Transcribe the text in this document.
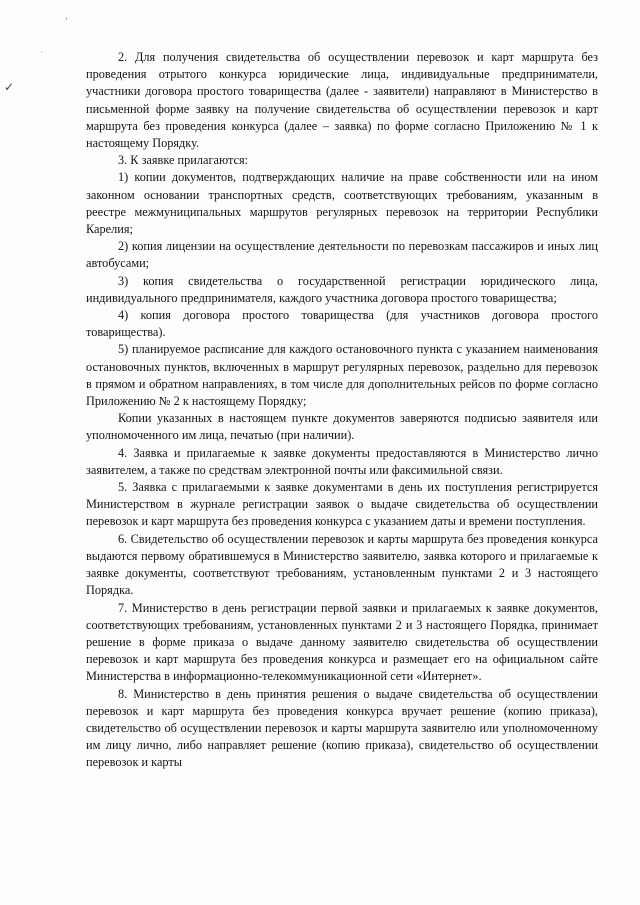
‚
ˏ
✓

2. Для получения свидетельства об осуществлении перевозок и карт маршрута без проведения отрытого конкурса юридические лица, индивидуальные предприниматели, участники договора простого товарищества (далее - заявители) направляют в Министерство в письменной форме заявку на получение свидетельства об осуществлении перевозок и карт маршрута без проведения конкурса (далее – заявка) по форме согласно Приложению № 1 к настоящему Порядку.

3. К заявке прилагаются:

1) копии документов, подтверждающих наличие на праве собственности или на ином законном основании транспортных средств, соответствующих требованиям, указанным в реестре межмуниципальных маршрутов регулярных перевозок на территории Республики Карелия;

2) копия лицензии на осуществление деятельности по перевозкам пассажиров и иных лиц автобусами;

3) копия свидетельства о государственной регистрации юридического лица, индивидуального предпринимателя, каждого участника договора простого товарищества;

4) копия договора простого товарищества (для участников договора простого товарищества).

5) планируемое расписание для каждого остановочного пункта с указанием наименования остановочных пунктов, включенных в маршрут регулярных перевозок, раздельно для перевозок в прямом и обратном направлениях, в том числе для дополнительных рейсов по форме согласно Приложению № 2 к настоящему Порядку;

Копии указанных в настоящем пункте документов заверяются подписью заявителя или уполномоченного им лица, печатью (при наличии).

4. Заявка и прилагаемые к заявке документы предоставляются в Министерство лично заявителем, а также по средствам электронной почты или факсимильной связи.

5. Заявка с прилагаемыми к заявке документами в день их поступления регистрируется Министерством в журнале регистрации заявок о выдаче свидетельства об осуществлении перевозок и карт маршрута без проведения конкурса с указанием даты и времени поступления.

6. Свидетельство об осуществлении перевозок и карты маршрута без проведения конкурса выдаются первому обратившемуся в Министерство заявителю, заявка которого и прилагаемые к заявке документы, соответствуют требованиям, установленным пунктами 2 и 3 настоящего Порядка.

7. Министерство в день регистрации первой заявки и прилагаемых к заявке документов, соответствующих требованиям, установленных пунктами 2 и 3 настоящего Порядка, принимает решение в форме приказа о выдаче данному заявителю свидетельства об осуществлении перевозок и карт маршрута без проведения конкурса и размещает его на официальном сайте Министерства в информационно-телекоммуникационной сети «Интернет».

8. Министерство в день принятия решения о выдаче свидетельства об осуществлении перевозок и карт маршрута без проведения конкурса вручает решение (копию приказа), свидетельство об осуществлении перевозок и карты маршрута заявителю или уполномоченному им лицу лично, либо направляет решение (копию приказа), свидетельство об осуществлении перевозок и карты
